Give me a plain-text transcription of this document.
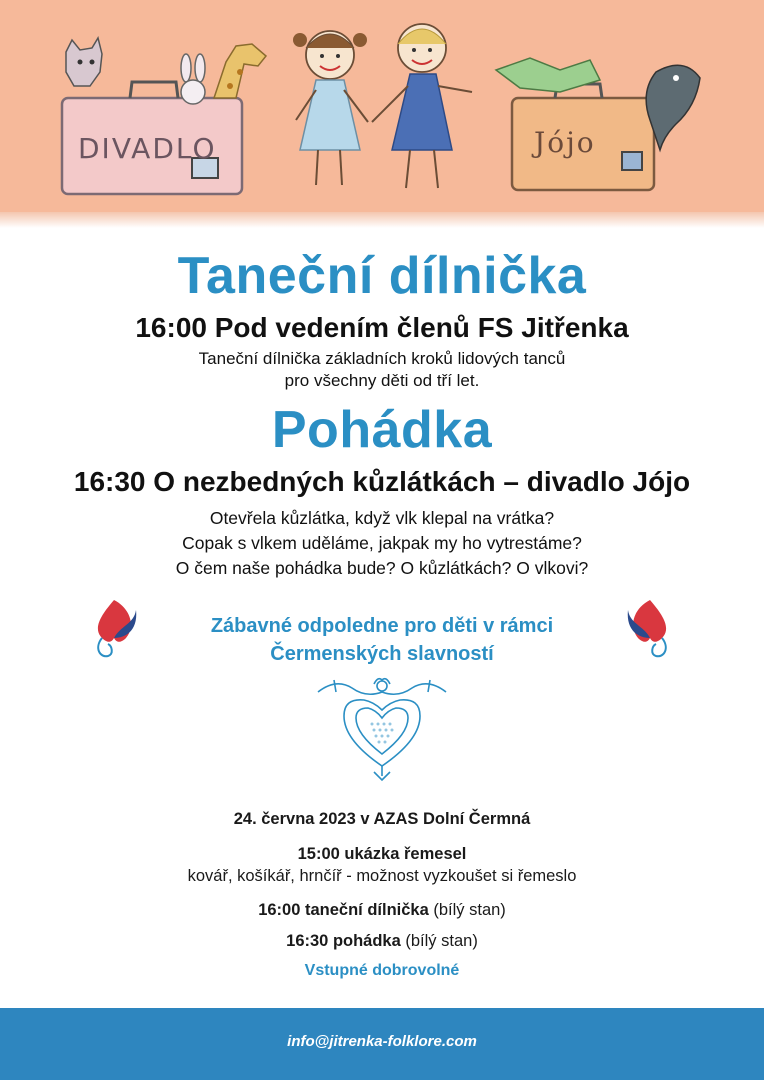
DIVADLO	Jójo
Taneční dílnička
16:00 Pod vedením členů FS Jitřenka
Taneční dílnička základních kroků lidových tanců
pro všechny děti od tří let.
Pohádka
16:30 O nezbedných kůzlátkách – divadlo Jójo
Otevřela kůzlátka, když vlk klepal na vrátka?
Copak s vlkem uděláme, jakpak my ho vytrestáme?
O čem naše pohádka bude? O kůzlátkách? O vlkovi?
Zábavné odpoledne pro děti v rámci
Čermenských slavností
24. června 2023 v AZAS Dolní Čermná
15:00 ukázka řemesel
kovář, košíkář, hrnčíř - možnost vyzkoušet si řemeslo
16:00 taneční dílnička (bílý stan)
16:30 pohádka (bílý stan)
Vstupné dobrovolné
info@jitrenka-folklore.com
